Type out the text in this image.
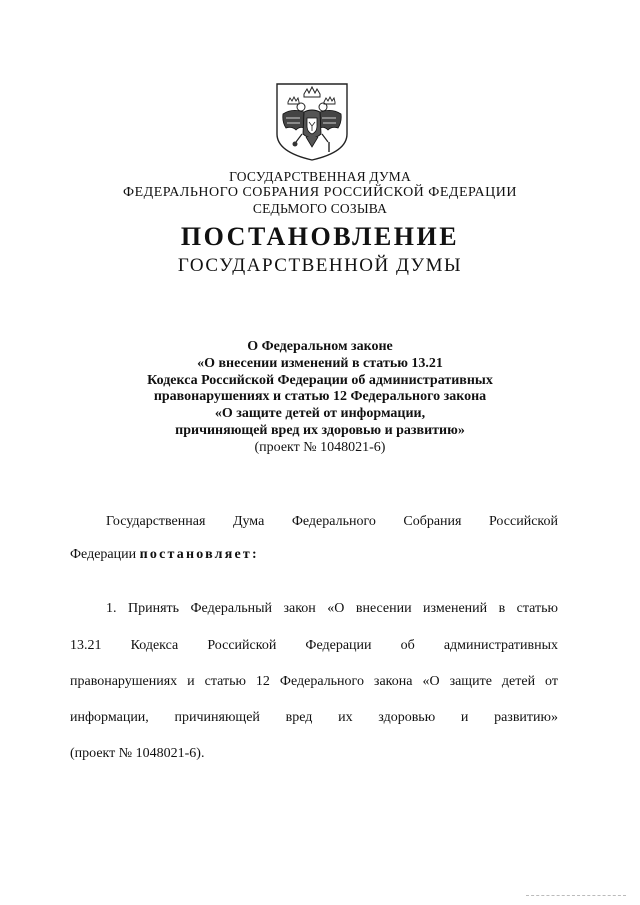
ГОСУДАРСТВЕННАЯ ДУМА
ФЕДЕРАЛЬНОГО СОБРАНИЯ РОССИЙСКОЙ ФЕДЕРАЦИИ
СЕДЬМОГО СОЗЫВА
ПОСТАНОВЛЕНИЕ
ГОСУДАРСТВЕННОЙ ДУМЫ
О Федеральном законе
«О внесении изменений в статью 13.21
Кодекса Российской Федерации об административных
правонарушениях и статью 12 Федерального закона
«О защите детей от информации,
причиняющей вред их здоровью и развитию»
(проект № 1048021-6)
Государственная Дума Федерального Собрания Российской
Федерации постановляет:
1. Принять Федеральный закон «О внесении изменений в статью
13.21 Кодекса Российской Федерации об административных
правонарушениях и статью 12 Федерального закона «О защите детей от
информации, причиняющей вред их здоровью и развитию»
(проект № 1048021-6).
